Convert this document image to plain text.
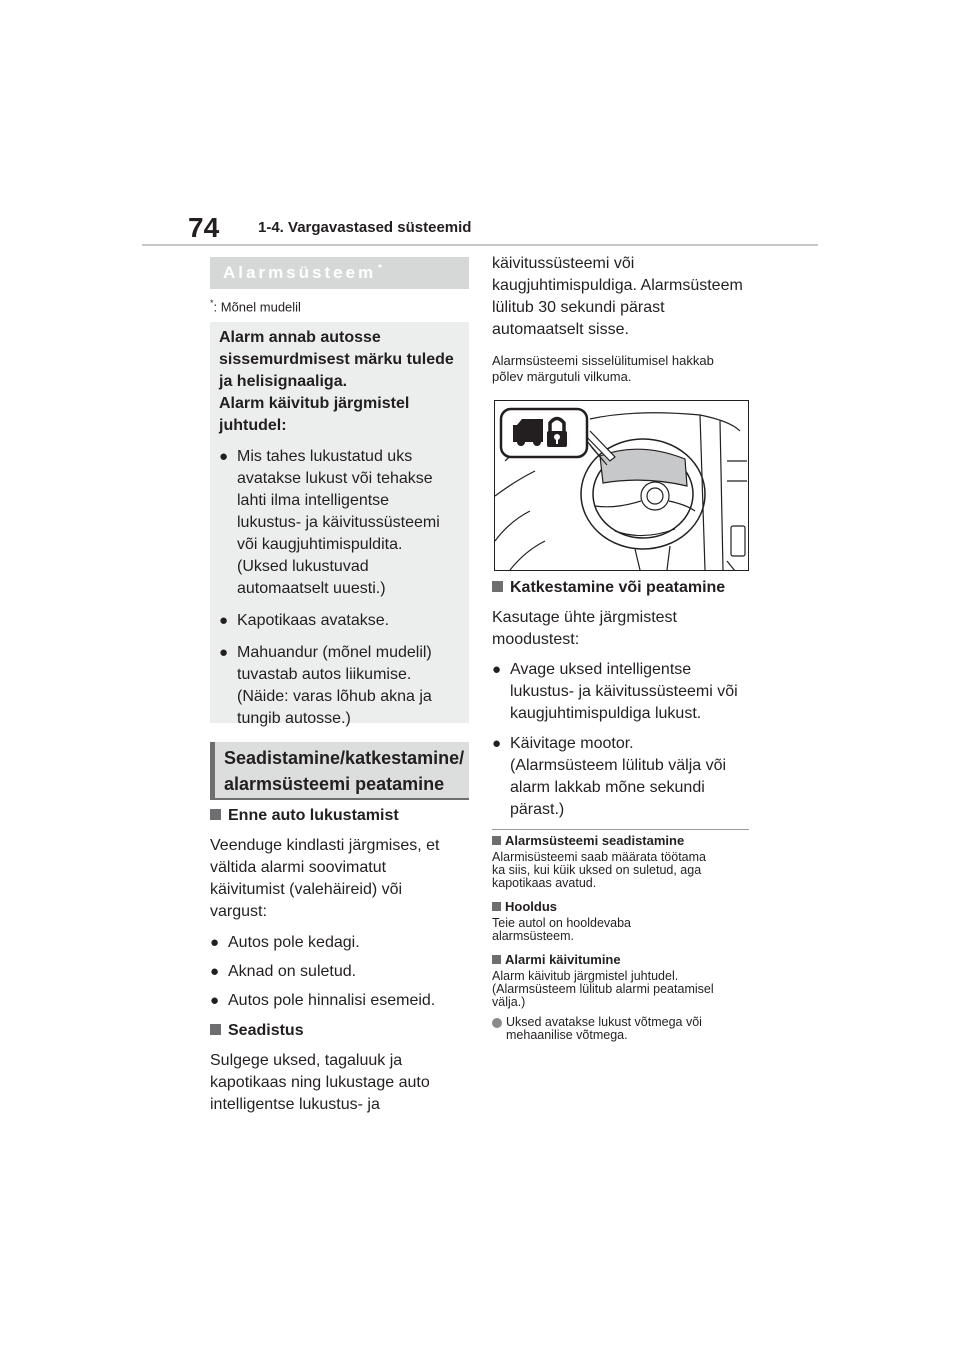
74	1-4. Vargavastased süsteemid
Alarmsüsteem*
*: Mõnel mudelil
Alarm annab autosse
sissemurdmisest märku tulede
ja helisignaaliga.
Alarm käivitub järgmistel
juhtudel:
● Mis tahes lukustatud uks
avatakse lukust või tehakse
lahti ilma intelligentse
lukustus- ja käivitussüsteemi
või kaugjuhtimispuldita.
(Uksed lukustuvad
automaatselt uuesti.)
● Kapotikaas avatakse.
● Mahuandur (mõnel mudelil)
tuvastab autos liikumise.
(Näide: varas lõhub akna ja
tungib autosse.)
Seadistamine/katkestamine/
alarmsüsteemi peatamine
Enne auto lukustamist
Veenduge kindlasti järgmises, et
vältida alarmi soovimatut
käivitumist (valehäireid) või
vargust:
● Autos pole kedagi.
● Aknad on suletud.
● Autos pole hinnalisi esemeid.
Seadistus
Sulgege uksed, tagaluuk ja
kapotikaas ning lukustage auto
intelligentse lukustus- ja
käivitussüsteemi või
kaugjuhtimispuldiga. Alarmsüsteem
lülitub 30 sekundi pärast
automaatselt sisse.
Alarmsüsteemi sisselülitumisel hakkab
põlev märgutuli vilkuma.
Katkestamine või peatamine
Kasutage ühte järgmistest
moodustest:
● Avage uksed intelligentse
lukustus- ja käivitussüsteemi või
kaugjuhtimispuldiga lukust.
● Käivitage mootor.
(Alarmsüsteem lülitub välja või
alarm lakkab mõne sekundi
pärast.)
Alarmsüsteemi seadistamine
Alarmisüsteemi saab määrata töötama
ka siis, kui küik uksed on suletud, aga
kapotikaas avatud.
Hooldus
Teie autol on hooldevaba
alarmsüsteem.
Alarmi käivitumine
Alarm käivitub järgmistel juhtudel.
(Alarmsüsteem lülitub alarmi peatamisel
välja.)
Uksed avatakse lukust võtmega või
mehaanilise võtmega.
